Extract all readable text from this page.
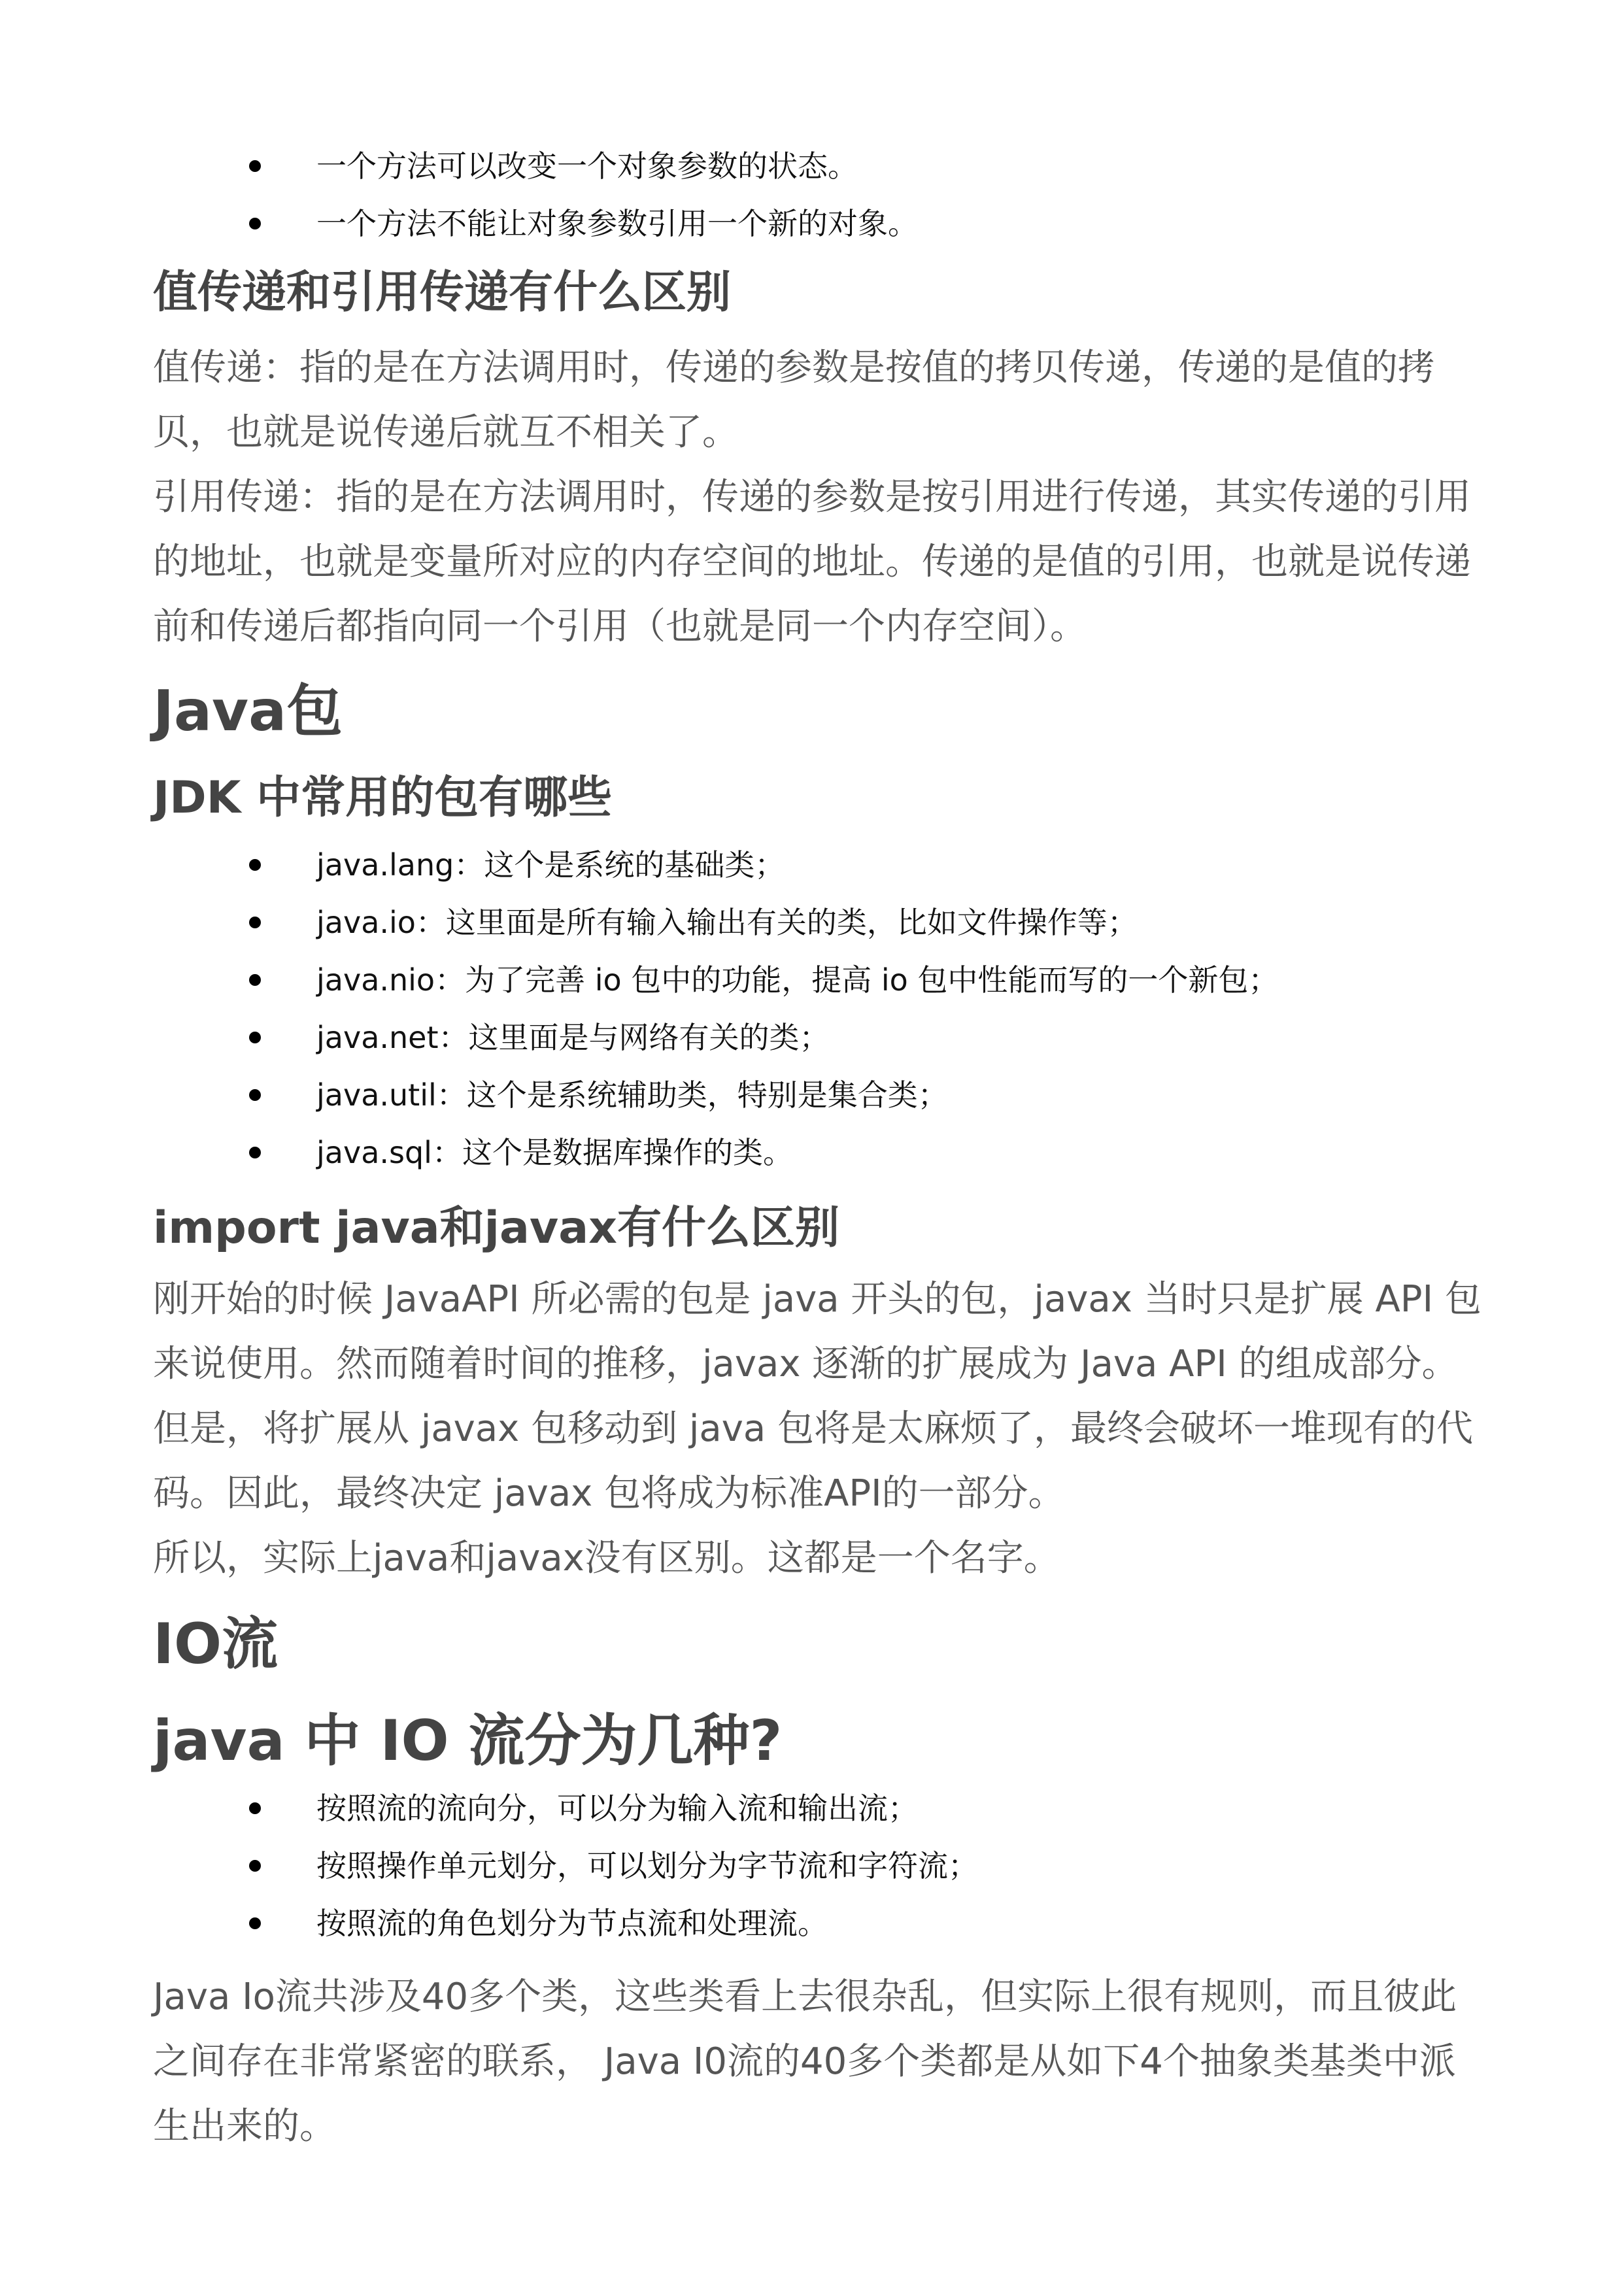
一个方法可以改变一个对象参数的状态。
一个方法不能让对象参数引用一个新的对象。
值传递和引用传递有什么区别

值传递：指的是在方法调用时，传递的参数是按值的拷贝传递，传递的是值的拷贝，也就是说传递后就互不相关了。

引用传递：指的是在方法调用时，传递的参数是按引用进行传递，其实传递的引用的地址，也就是变量所对应的内存空间的地址。传递的是值的引用，也就是说传递前和传递后都指向同一个引用（也就是同一个内存空间）。

Java包
JDK 中常用的包有哪些
java.lang：这个是系统的基础类；
java.io：这里面是所有输入输出有关的类，比如文件操作等；
java.nio：为了完善 io 包中的功能，提高 io 包中性能而写的一个新包；
java.net：这里面是与网络有关的类；
java.util：这个是系统辅助类，特别是集合类；
java.sql：这个是数据库操作的类。
import java和javax有什么区别

刚开始的时候 JavaAPI 所必需的包是 java 开头的包，javax 当时只是扩展 API 包来说使用。然而随着时间的推移，javax 逐渐的扩展成为 Java API 的组成部分。但是，将扩展从 javax 包移动到 java 包将是太麻烦了，最终会破坏一堆现有的代码。因此，最终决定 javax 包将成为标准API的一部分。

所以，实际上java和javax没有区别。这都是一个名字。

IO流
java 中 IO 流分为几种?
按照流的流向分，可以分为输入流和输出流；
按照操作单元划分，可以划分为字节流和字符流；
按照流的角色划分为节点流和处理流。

Java Io流共涉及40多个类，这些类看上去很杂乱，但实际上很有规则，而且彼此之间存在非常紧密的联系， Java I0流的40多个类都是从如下4个抽象类基类中派生出来的。
